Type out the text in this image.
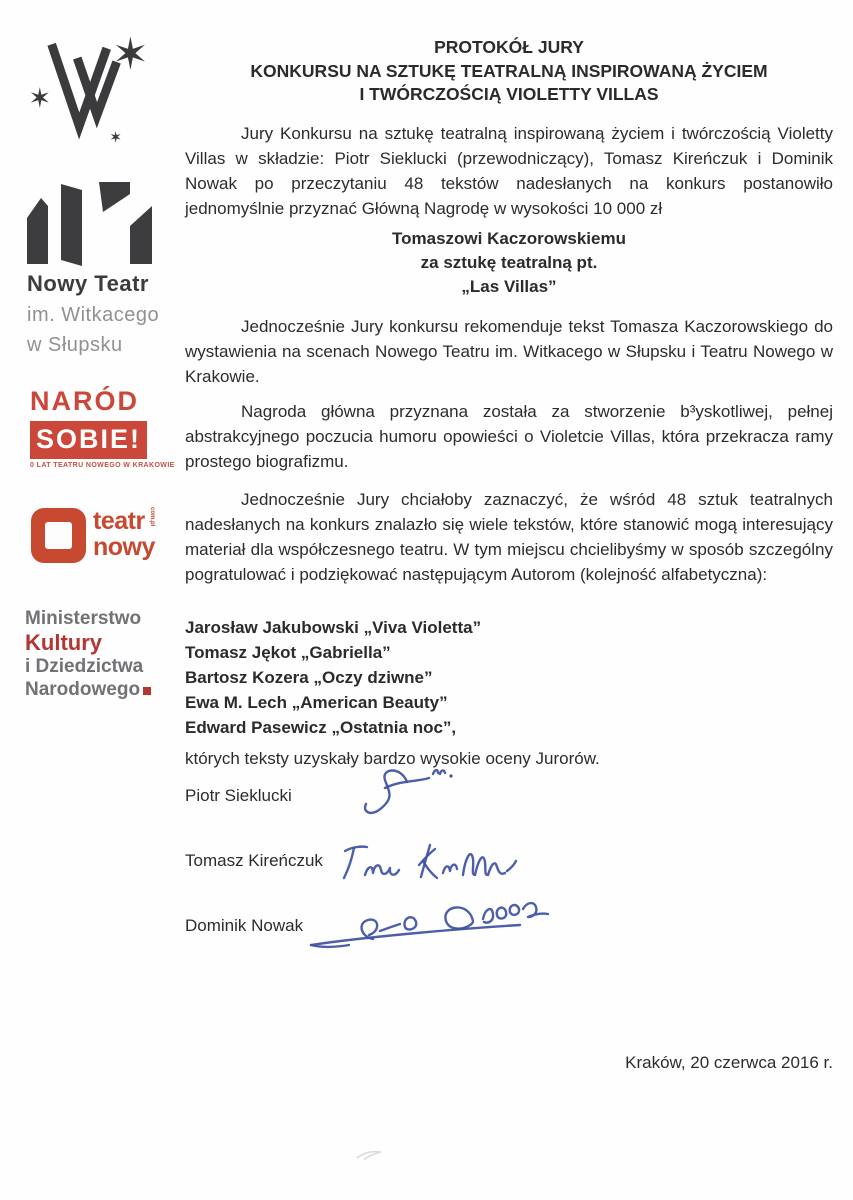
Nowy Teatr
im. Witkacego
w Słupsku
NARÓD
SOBIE!
0 LAT TEATRU NOWEGO W KRAKOWIE
teatr com.pl
nowy
Ministerstwo
Kultury
i Dziedzictwa
Narodowego
PROTOKÓŁ JURY
KONKURSU NA SZTUKĘ TEATRALNĄ INSPIROWANĄ ŻYCIEM
I TWÓRCZOŚCIĄ VIOLETTY VILLAS
Jury Konkursu na sztukę teatralną inspirowaną życiem i twórczością Violetty Villas w składzie: Piotr Sieklucki (przewodniczący), Tomasz Kireńczuk i Dominik Nowak po przeczytaniu 48 tekstów nadesłanych na konkurs postanowiło jednomyślnie przyznać Główną Nagrodę w wysokości 10 000 zł
Tomaszowi Kaczorowskiemu
za sztukę teatralną pt.
„Las Villas”
Jednocześnie Jury konkursu rekomenduje tekst Tomasza Kaczorowskiego do wystawienia na scenach Nowego Teatru im. Witkacego w Słupsku i Teatru Nowego w Krakowie.
Nagroda główna przyznana została za stworzenie b³yskotliwej, pełnej abstrakcyjnego poczucia humoru opowieści o Violetcie Villas, która przekracza ramy prostego biografizmu.
Jednocześnie Jury chciałoby zaznaczyć, że wśród 48 sztuk teatralnych nadesłanych na konkurs znalazło się wiele tekstów, które stanowić mogą interesujący materiał dla współczesnego teatru. W tym miejscu chcielibyśmy w sposób szczególny pogratulować i podziękować następującym Autorom (kolejność alfabetyczna):
Jarosław Jakubowski „Viva Violetta”
Tomasz Jękot „Gabriella”
Bartosz Kozera „Oczy dziwne”
Ewa M. Lech „American Beauty”
Edward Pasewicz „Ostatnia noc”,
których teksty uzyskały bardzo wysokie oceny Jurorów.
Piotr Sieklucki
Tomasz Kireńczuk
Dominik Nowak
Kraków, 20 czerwca 2016 r.
